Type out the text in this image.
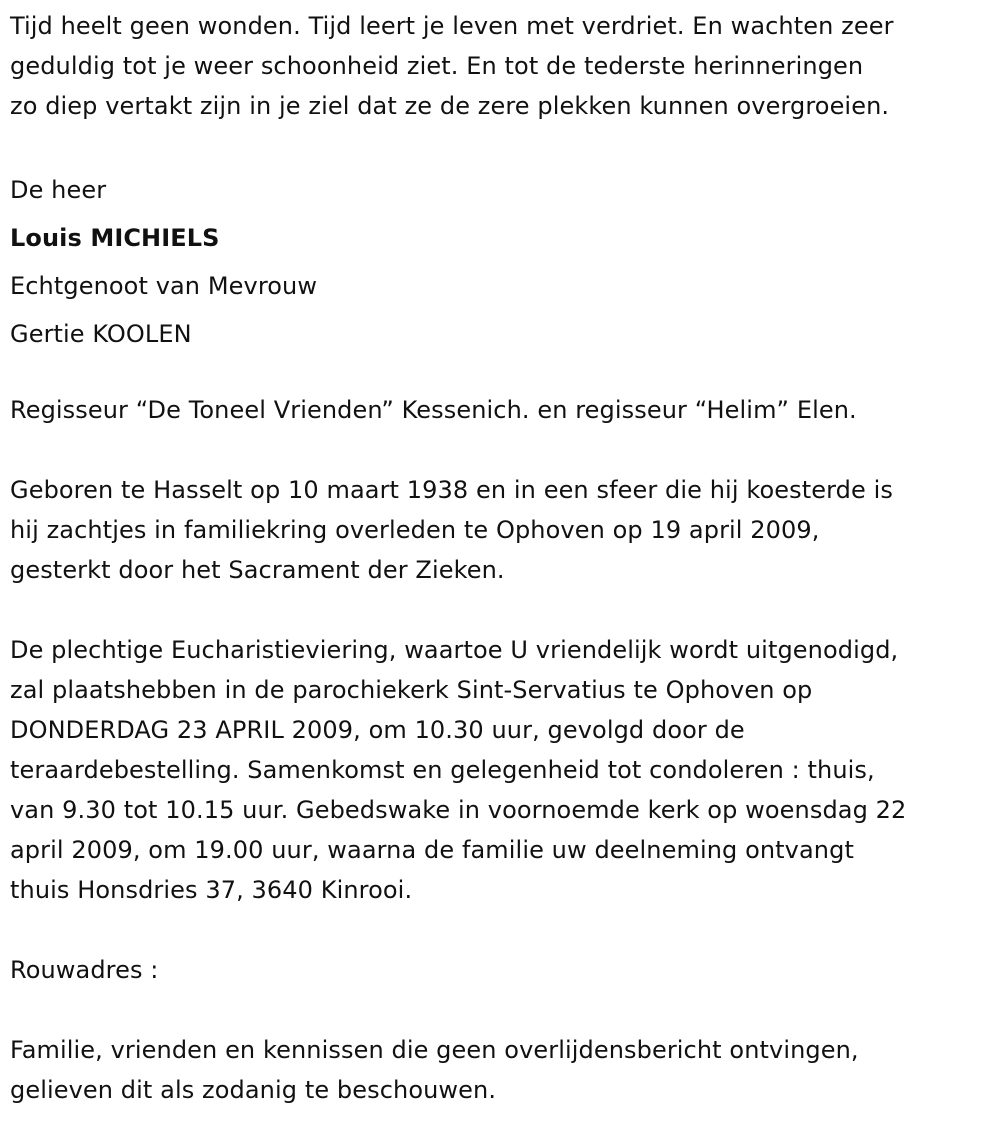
Tijd heelt geen wonden. Tijd leert je leven met verdriet. En wachten zeer
geduldig tot je weer schoonheid ziet. En tot de tederste herinneringen
zo diep vertakt zijn in je ziel dat ze de zere plekken kunnen overgroeien.
De heer
Louis MICHIELS
Echtgenoot van Mevrouw
Gertie KOOLEN
Regisseur “De Toneel Vrienden” Kessenich. en regisseur “Helim” Elen.
Geboren te Hasselt op 10 maart 1938 en in een sfeer die hij koesterde is
hij zachtjes in familiekring overleden te Ophoven op 19 april 2009,
gesterkt door het Sacrament der Zieken.
De plechtige Eucharistieviering, waartoe U vriendelijk wordt uitgenodigd,
zal plaatshebben in de parochiekerk Sint-Servatius te Ophoven op
DONDERDAG 23 APRIL 2009, om 10.30 uur, gevolgd door de
teraardebestelling. Samenkomst en gelegenheid tot condoleren : thuis,
van 9.30 tot 10.15 uur. Gebedswake in voornoemde kerk op woensdag 22
april 2009, om 19.00 uur, waarna de familie uw deelneming ontvangt
thuis Honsdries 37, 3640 Kinrooi.
Rouwadres :
Familie, vrienden en kennissen die geen overlijdensbericht ontvingen,
gelieven dit als zodanig te beschouwen.
